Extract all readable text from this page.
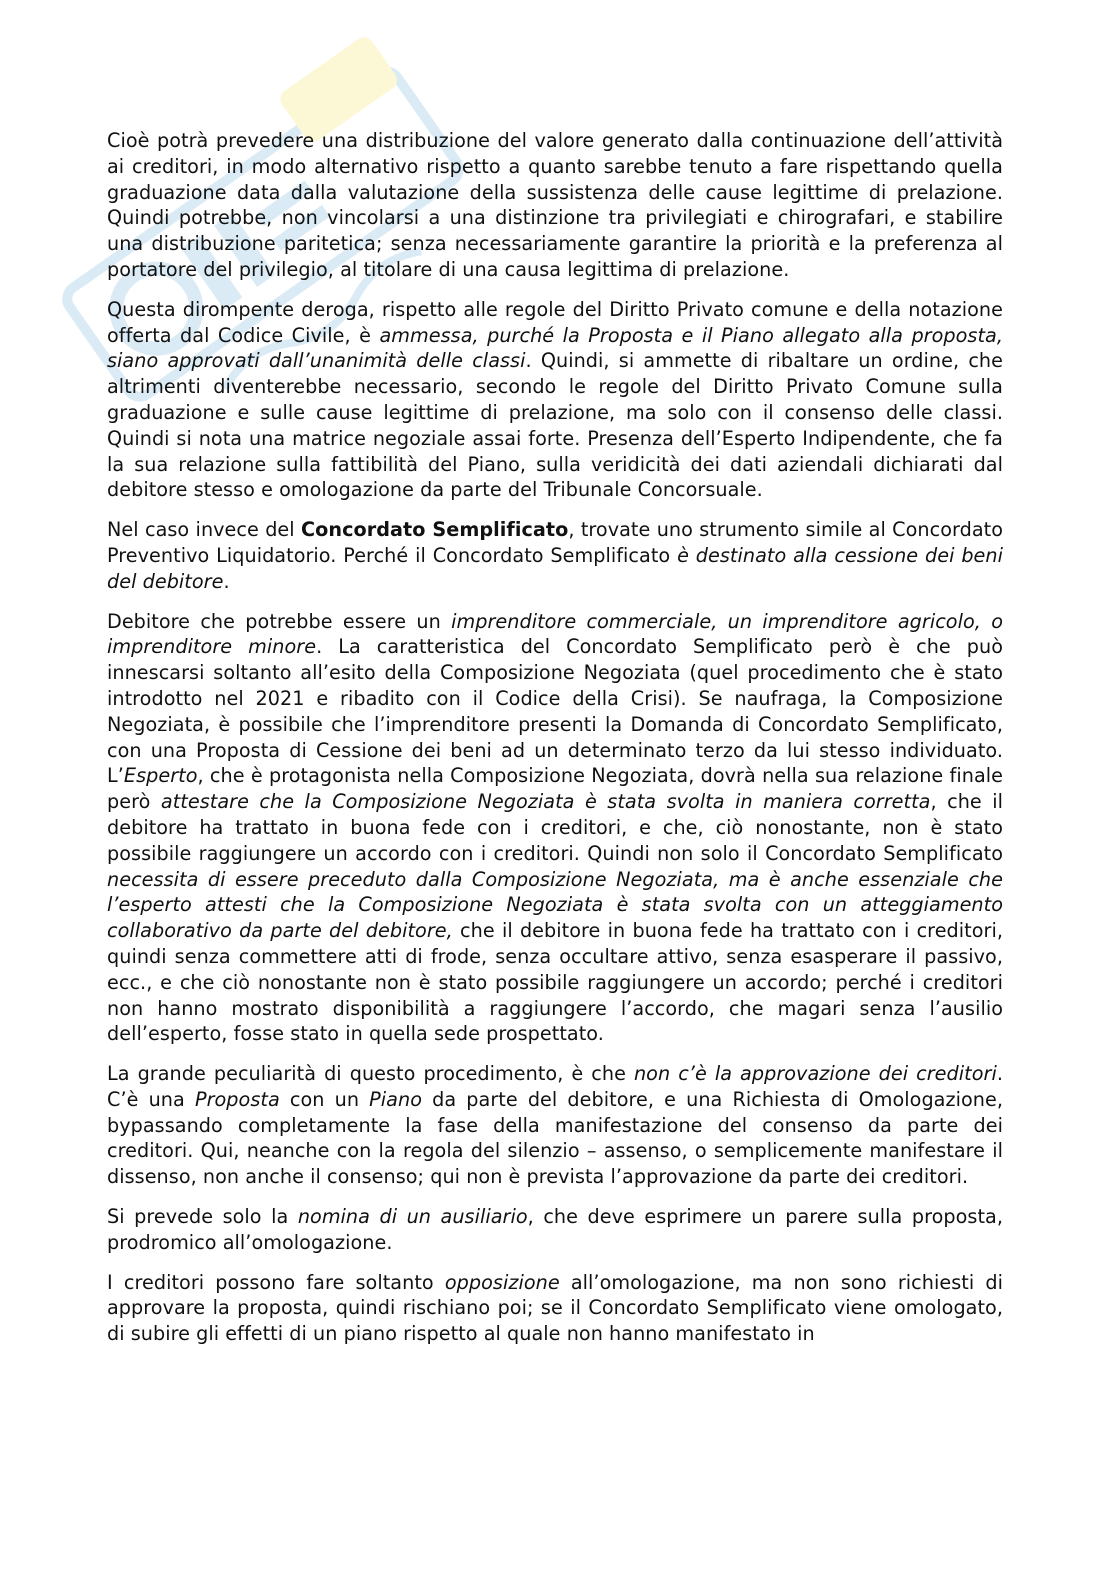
Cioè potrà prevedere una distribuzione del valore generato dalla continuazione dell’attività ai creditori, in modo alternativo rispetto a quanto sarebbe tenuto a fare rispettando quella graduazione data dalla valutazione della sussistenza delle cause legittime di prelazione. Quindi potrebbe, non vincolarsi a una distinzione tra privilegiati e chirografari, e stabilire una distribuzione paritetica; senza necessariamente garantire la priorità e la preferenza al portatore del privilegio, al titolare di una causa legittima di prelazione.

Questa dirompente deroga, rispetto alle regole del Diritto Privato comune e della notazione offerta dal Codice Civile, è ammessa, purché la Proposta e il Piano allegato alla proposta, siano approvati dall’unanimità delle classi. Quindi, si ammette di ribaltare un ordine, che altrimenti diventerebbe necessario, secondo le regole del Diritto Privato Comune sulla graduazione e sulle cause legittime di prelazione, ma solo con il consenso delle classi. Quindi si nota una matrice negoziale assai forte. Presenza dell’Esperto Indipendente, che fa la sua relazione sulla fattibilità del Piano, sulla veridicità dei dati aziendali dichiarati dal debitore stesso e omologazione da parte del Tribunale Concorsuale.

Nel caso invece del Concordato Semplificato, trovate uno strumento simile al Concordato Preventivo Liquidatorio. Perché il Concordato Semplificato è destinato alla cessione dei beni del debitore.

Debitore che potrebbe essere un imprenditore commerciale, un imprenditore agricolo, o imprenditore minore. La caratteristica del Concordato Semplificato però è che può innescarsi soltanto all’esito della Composizione Negoziata (quel procedimento che è stato introdotto nel 2021 e ribadito con il Codice della Crisi). Se naufraga, la Composizione Negoziata, è possibile che l’imprenditore presenti la Domanda di Concordato Semplificato, con una Proposta di Cessione dei beni ad un determinato terzo da lui stesso individuato. L’Esperto, che è protagonista nella Composizione Negoziata, dovrà nella sua relazione finale però attestare che la Composizione Negoziata è stata svolta in maniera corretta, che il debitore ha trattato in buona fede con i creditori, e che, ciò nonostante, non è stato possibile raggiungere un accordo con i creditori. Quindi non solo il Concordato Semplificato necessita di essere preceduto dalla Composizione Negoziata, ma è anche essenziale che l’esperto attesti che la Composizione Negoziata è stata svolta con un atteggiamento collaborativo da parte del debitore, che il debitore in buona fede ha trattato con i creditori, quindi senza commettere atti di frode, senza occultare attivo, senza esasperare il passivo, ecc., e che ciò nonostante non è stato possibile raggiungere un accordo; perché i creditori non hanno mostrato disponibilità a raggiungere l’accordo, che magari senza l’ausilio dell’esperto, fosse stato in quella sede prospettato.

La grande peculiarità di questo procedimento, è che non c’è la approvazione dei creditori. C’è una Proposta con un Piano da parte del debitore, e una Richiesta di Omologazione, bypassando completamente la fase della manifestazione del consenso da parte dei creditori. Qui, neanche con la regola del silenzio – assenso, o semplicemente manifestare il dissenso, non anche il consenso; qui non è prevista l’approvazione da parte dei creditori.

Si prevede solo la nomina di un ausiliario, che deve esprimere un parere sulla proposta, prodromico all’omologazione.

I creditori possono fare soltanto opposizione all’omologazione, ma non sono richiesti di approvare la proposta, quindi rischiano poi; se il Concordato Semplificato viene omologato, di subire gli effetti di un piano rispetto al quale non hanno manifestato in
